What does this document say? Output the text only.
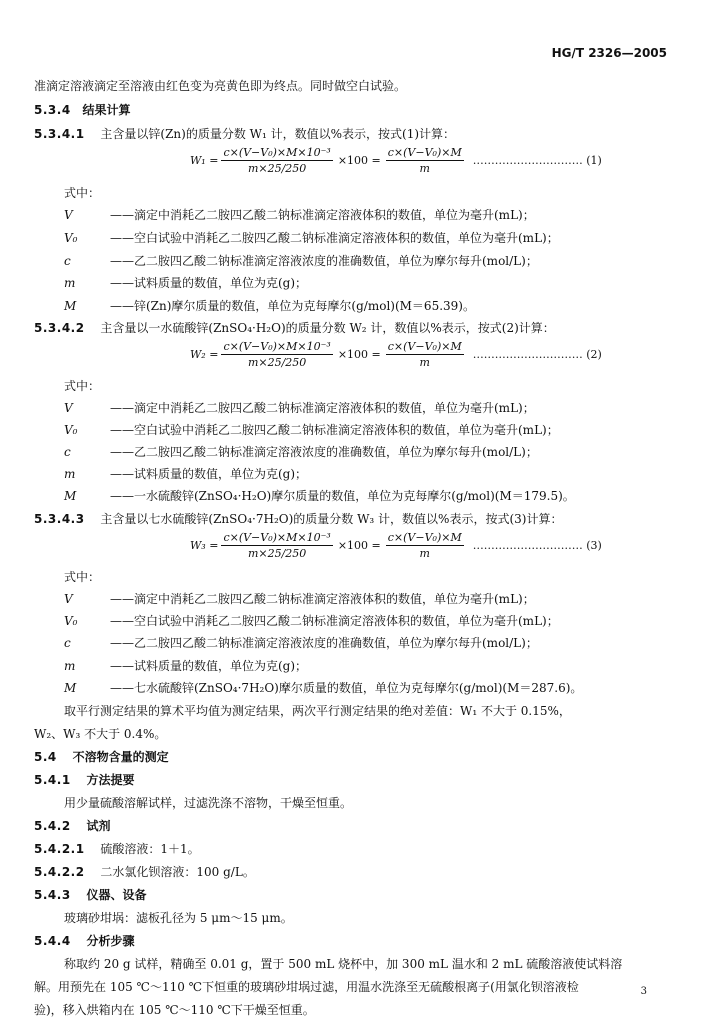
HG/T 2326—2005
准滴定溶液滴定至溶液由红色变为亮黄色即为终点。同时做空白试验。
5.3.4 结果计算
5.3.4.1 主含量以锌(Zn)的质量分数 W₁ 计，数值以%表示，按式(1)计算：
$W_1 = \frac{\text{c×(V−V₀)×M×10⁻³}}{m\times 25/250} \times 100 = \frac{\text{c×(V−V₀)×M}}{m}$ ………………………… (1)
式中：
V	——滴定中消耗乙二胺四乙酸二钠标准滴定溶液体积的数值，单位为毫升(mL)；
V₀	——空白试验中消耗乙二胺四乙酸二钠标准滴定溶液体积的数值，单位为毫升(mL)；
c	——乙二胺四乙酸二钠标准滴定溶液浓度的准确数值，单位为摩尔每升(mol/L)；
m	——试料质量的数值，单位为克(g)；
M	——锌(Zn)摩尔质量的数值，单位为克每摩尔(g/mol)(M＝65.39)。
5.3.4.2 主含量以一水硫酸锌(ZnSO₄·H₂O)的质量分数 W₂ 计，数值以%表示，按式(2)计算：
$W_2 = \frac{\text{c×(V−V₀)×M×10⁻³}}{m\times 25/250} \times 100 = \frac{\text{c×(V−V₀)×M}}{m}$ ………………………… (2)
式中：
V	——滴定中消耗乙二胺四乙酸二钠标准滴定溶液体积的数值，单位为毫升(mL)；
V₀	——空白试验中消耗乙二胺四乙酸二钠标准滴定溶液体积的数值，单位为毫升(mL)；
c	——乙二胺四乙酸二钠标准滴定溶液浓度的准确数值，单位为摩尔每升(mol/L)；
m	——试料质量的数值，单位为克(g)；
M	——一水硫酸锌(ZnSO₄·H₂O)摩尔质量的数值，单位为克每摩尔(g/mol)(M＝179.5)。
5.3.4.3 主含量以七水硫酸锌(ZnSO₄·7H₂O)的质量分数 W₃ 计，数值以%表示，按式(3)计算：
$W_3 = \frac{\text{c×(V−V₀)×M×10⁻³}}{m\times 25/250} \times 100 = \frac{\text{c×(V−V₀)×M}}{m}$ ………………………… (3)
式中：
V	——滴定中消耗乙二胺四乙酸二钠标准滴定溶液体积的数值，单位为毫升(mL)；
V₀	——空白试验中消耗乙二胺四乙酸二钠标准滴定溶液体积的数值，单位为毫升(mL)；
c	——乙二胺四乙酸二钠标准滴定溶液浓度的准确数值，单位为摩尔每升(mol/L)；
m	——试料质量的数值，单位为克(g)；
M	——七水硫酸锌(ZnSO₄·7H₂O)摩尔质量的数值，单位为克每摩尔(g/mol)(M＝287.6)。
取平行测定结果的算术平均值为测定结果，两次平行测定结果的绝对差值：W₁ 不大于 0.15%，
W₂、W₃ 不大于 0.4%。
5.4 不溶物含量的测定
5.4.1 方法提要
用少量硫酸溶解试样，过滤洗涤不溶物，干燥至恒重。
5.4.2 试剂
5.4.2.1 硫酸溶液：1＋1。
5.4.2.2 二水氯化钡溶液：100 g/L。
5.4.3 仪器、设备
玻璃砂坩埚：滤板孔径为 5 μm～15 μm。
5.4.4 分析步骤
称取约 20 g 试样，精确至 0.01 g，置于 500 mL 烧杯中，加 300 mL 温水和 2 mL 硫酸溶液使试料溶
解。用预先在 105 ℃～110 ℃下恒重的玻璃砂坩埚过滤，用温水洗涤至无硫酸根离子(用氯化钡溶液检
验)，移入烘箱内在 105 ℃～110 ℃下干燥至恒重。
3
